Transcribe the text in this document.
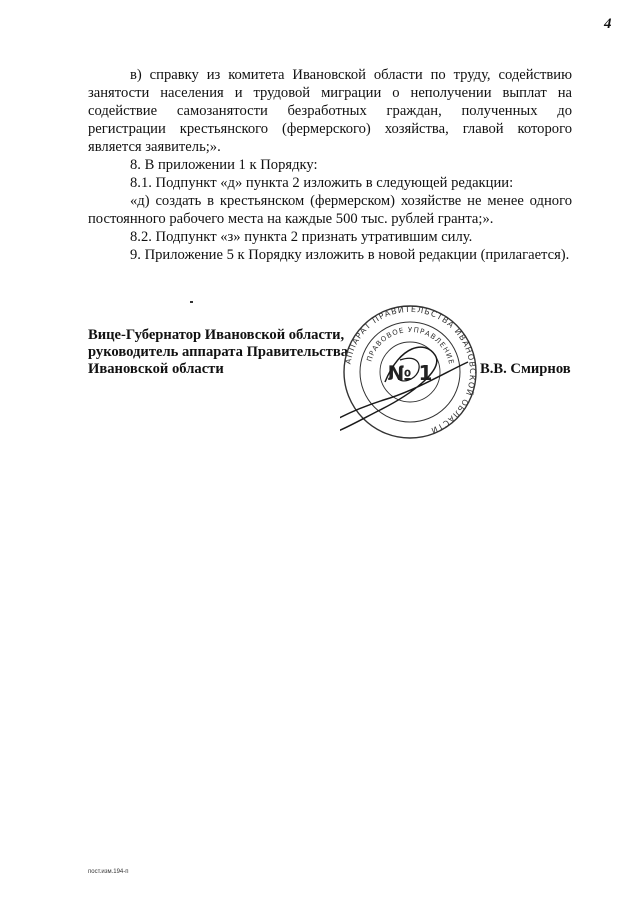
4

в) справку из комитета Ивановской области по труду, содействию занятости населения и трудовой миграции о неполучении выплат на содействие самозанятости безработных граждан, полученных до регистрации крестьянского (фермерского) хозяйства, главой которого является заявитель;».

8. В приложении 1 к Порядку:

8.1. Подпункт «д» пункта 2 изложить в следующей редакции:

«д) создать в крестьянском (фермерском) хозяйстве не менее одного постоянного рабочего места на каждые 500 тыс. рублей гранта;».

8.2. Подпункт «з» пункта 2 признать утратившим силу.

9. Приложение 5 к Порядку изложить в новой редакции (прилагается).

Вице-Губернатор Ивановской области,
руководитель аппарата Правительства
Ивановской области
АППАРАТ ПРАВИТЕЛЬСТВА ИВАНОВСКОЙ ОБЛАСТИ
ПРАВОВОЕ УПРАВЛЕНИЕ
№ 1	В.В. Смирнов
пост.изм.194-п
